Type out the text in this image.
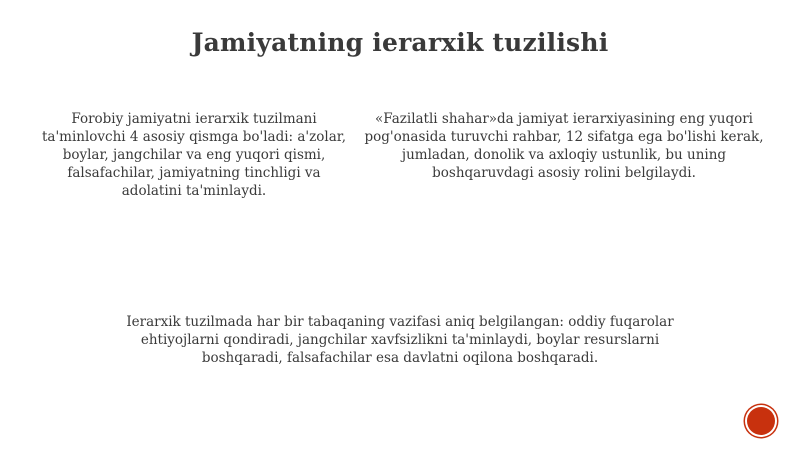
Jamiyatning ierarxik tuzilishi

Forobiy jamiyatni ierarxik tuzilmani ta'minlovchi 4 asosiy qismga bo'ladi: a'zolar, boylar, jangchilar va eng yuqori qismi, falsafachilar, jamiyatning tinchligi va adolatini ta'minlaydi.

«Fazilatli shahar»da jamiyat ierarxiyasining eng yuqori pog'onasida turuvchi rahbar, 12 sifatga ega bo'lishi kerak, jumladan, donolik va axloqiy ustunlik, bu uning boshqaruvdagi asosiy rolini belgilaydi.

Ierarxik tuzilmada har bir tabaqaning vazifasi aniq belgilangan: oddiy fuqarolar ehtiyojlarni qondiradi, jangchilar xavfsizlikni ta'minlaydi, boylar resurslarni boshqaradi, falsafachilar esa davlatni oqilona boshqaradi.
